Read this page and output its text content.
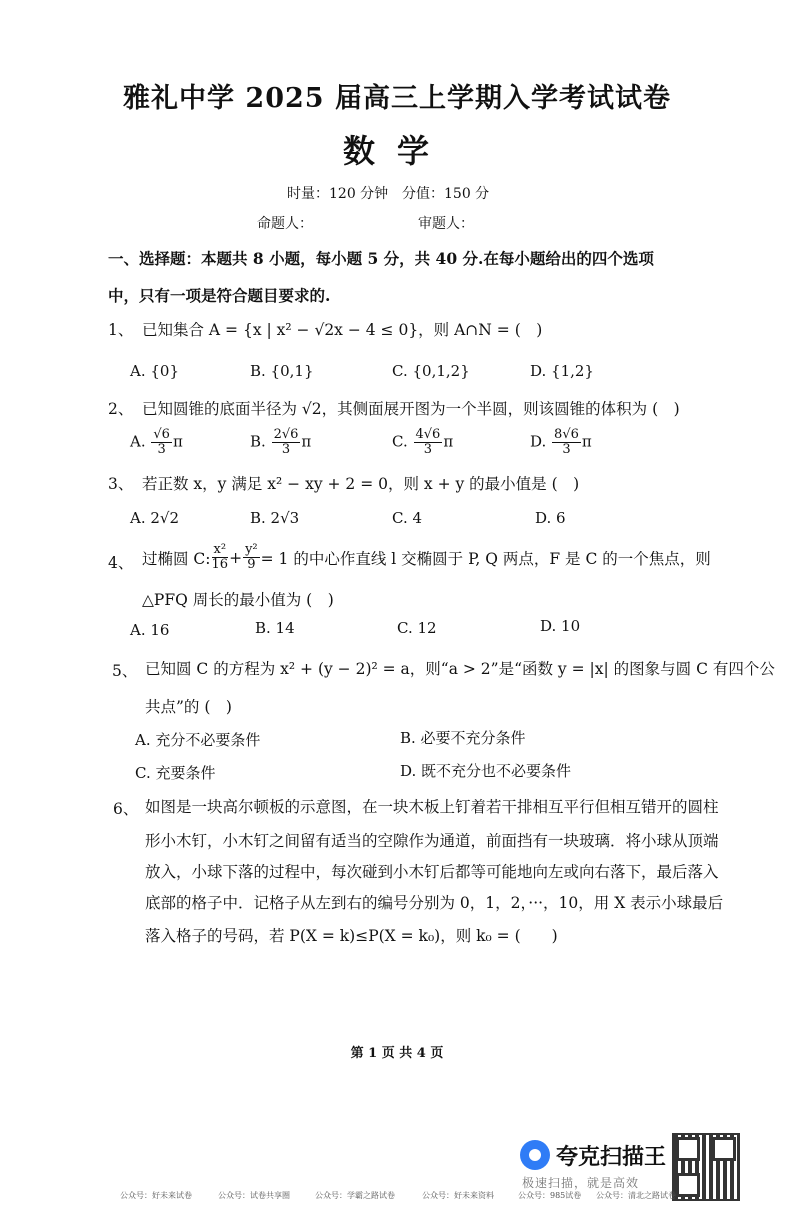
雅礼中学 2025 届高三上学期入学考试试卷
数学
时量：120 分钟 分值：150 分
命题人：	审题人：
一、选择题：本题共 8 小题，每小题 5 分，共 40 分.在每小题给出的四个选项
中，只有一项是符合题目要求的.
1、 已知集合 A = {x | x² − √2x − 4 ≤ 0}，则 A∩N = (　)
A. {0}	B. {0,1}	C. {0,1,2}	D. {1,2}
2、 已知圆锥的底面半径为 √2，其侧面展开图为一个半圆，则该圆锥的体积为 (　)
A. $\frac{√6}{3}$ π	B. $\frac{2√6}{3}$ π	C. $\frac{4√6}{3}$ π	D. $\frac{8√6}{3}$ π
3、 若正数 x，y 满足 x² − xy + 2 = 0，则 x + y 的最小值是 (　)
A. 2√2	B. 2√3	C. 4	D. 6
4、 过椭圆 C: $\frac{\text{x²}}{16} + \frac{\text{y²}}{9} = 1$ 的中心作直线 l 交椭圆于 P, Q 两点，F 是 C 的一个焦点，则
△PFQ 周长的最小值为 (　)
A. 16	B. 14	C. 12	D. 10
5、 已知圆 C 的方程为 x² + (y − 2)² = a，则“a > 2”是“函数 y = |x| 的图象与圆 C 有四个公
共点”的 (　)
A. 充分不必要条件	B. 必要不充分条件
C. 充要条件	D. 既不充分也不必要条件
6、 如图是一块高尔顿板的示意图，在一块木板上钉着若干排相互平行但相互错开的圆柱
形小木钉，小木钉之间留有适当的空隙作为通道，前面挡有一块玻璃．将小球从顶端
放入，小球下落的过程中，每次碰到小木钉后都等可能地向左或向右落下，最后落入
底部的格子中．记格子从左到右的编号分别为 0，1，2，···，10，用 X 表示小球最后
落入格子的号码，若 P(X = k)≤P(X = k₀)，则 k₀ = (　　)
第 1 页 共 4 页
夸克扫描王
极速扫描，就是高效
公众号：好未来试卷	公众号：试卷共享圈	公众号：学霸之路试卷	公众号：好未来资料	公众号：985试卷 公众号：清北之路试卷
